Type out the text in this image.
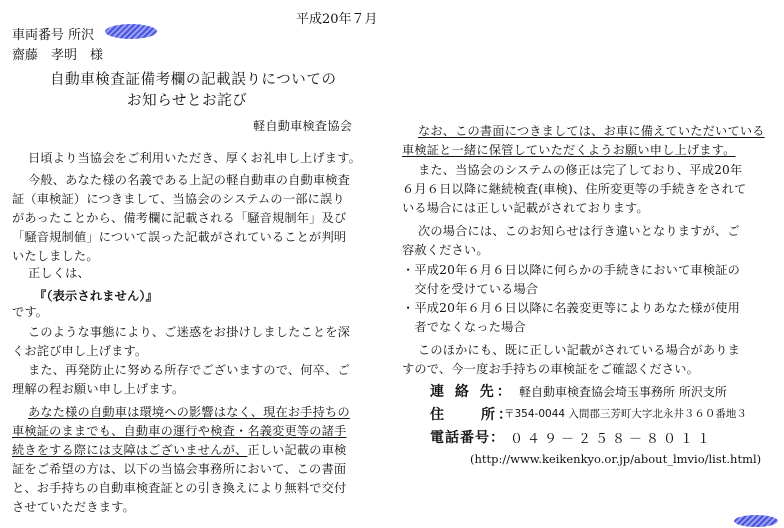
平成20年７月
車両番号 所沢
齋藤　孝明　様
自動車検査証備考欄の記載誤りについての
お知らせとお詫び
軽自動車検査協会
日頃より当協会をご利用いただき、厚くお礼申し上げます。
今般、あなた様の名義である上記の軽自動車の自動車検査
証（車検証）につきまして、当協会のシステムの一部に誤り
があったことから、備考欄に記載される「騒音規制年」及び
「騒音規制値」について誤った記載がされていることが判明
いたしました。
正しくは、
『（表示されません）』
です。
このような事態により、ご迷惑をお掛けしましたことを深
くお詫び申し上げます。
また、再発防止に努める所存でございますので、何卒、ご
理解の程お願い申し上げます。
あなた様の自動車は環境への影響はなく、現在お手持ちの
車検証のままでも、自動車の運行や検査・名義変更等の諸手
続きをする際には支障はございませんが、正しい記載の車検
証をご希望の方は、以下の当協会事務所において、この書面
と、お手持ちの自動車検査証との引き換えにより無料で交付
させていただきます。
なお、この書面につきましては、お車に備えていただいている
車検証と一緒に保管していただくようお願い申し上げます。
また、当協会のシステムの修正は完了しており、平成20年
６月６日以降に継続検査(車検)、住所変更等の手続きをされて
いる場合には正しい記載がされております。
次の場合には、このお知らせは行き違いとなりますが、ご
容赦ください。
・平成20年６月６日以降に何らかの手続きにおいて車検証の
　交付を受けている場合
・平成20年６月６日以降に名義変更等によりあなた様が使用
　者でなくなった場合
このほかにも、既に正しい記載がされている場合がありま
すので、今一度お手持ちの車検証をご確認ください。
連 絡 先： 軽自動車検査協会埼玉事務所 所沢支所
住　　所：
〒354-0044 入間郡三芳町大字北永井３６０番地３
電話番号： ０４９－２５８－８０１１
(http://www.keikenkyo.or.jp/about_lmvio/list.html)
